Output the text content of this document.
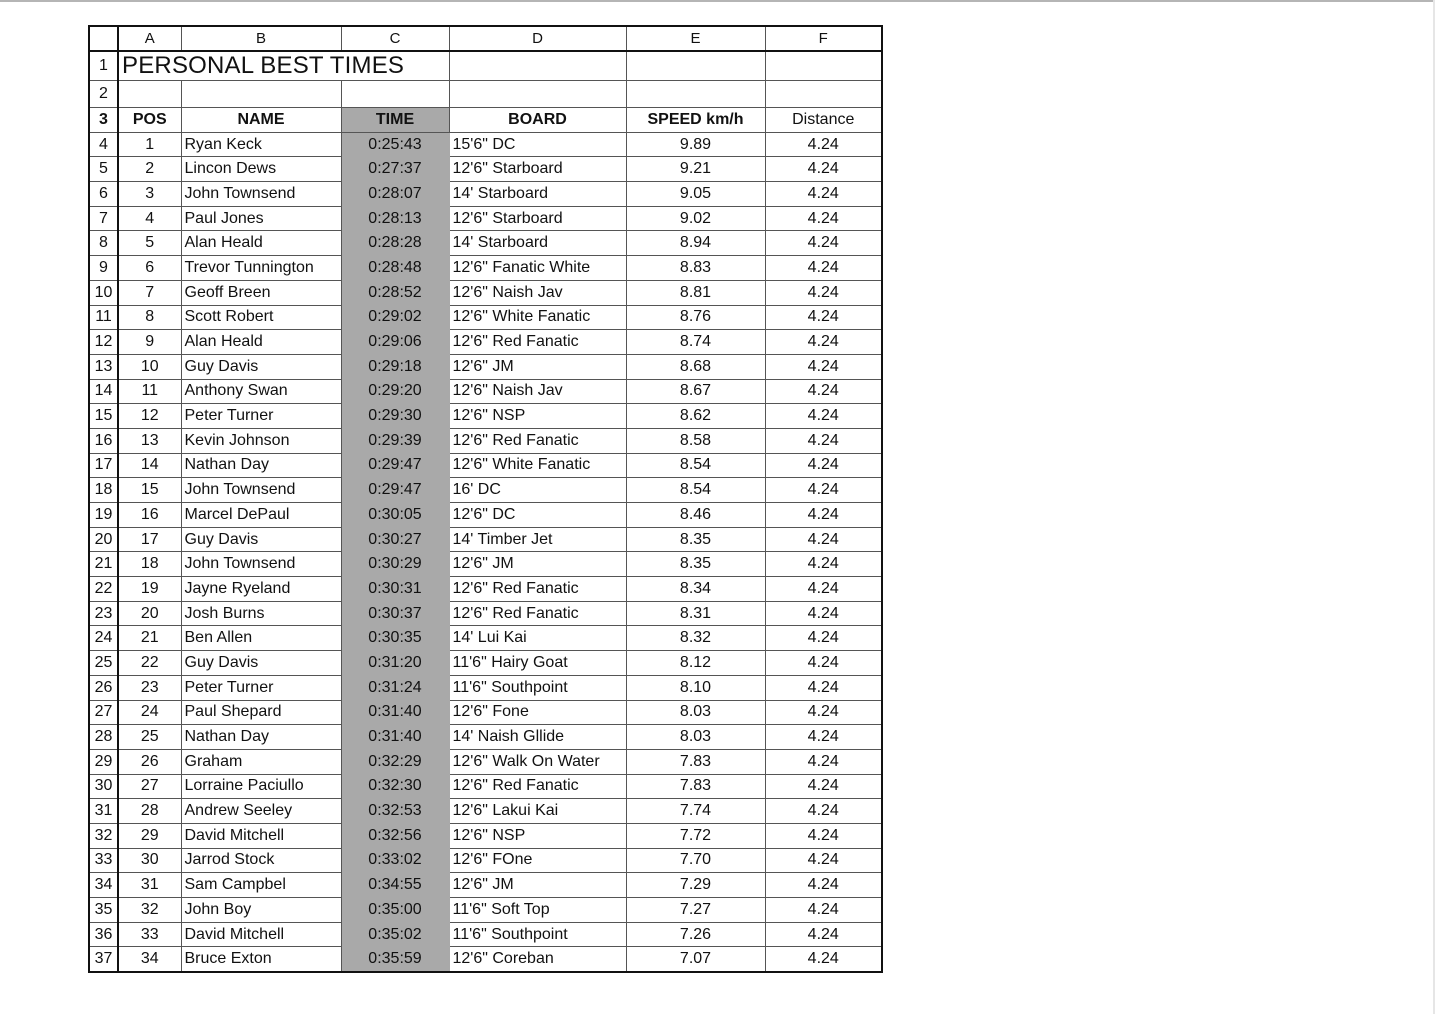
	A	B	C	D	E	F
1	PERSONAL BEST TIMES					
2						
3	POS	NAME	TIME	BOARD	SPEED km/h	Distance
4	1	Ryan Keck	0:25:43	15'6" DC	9.89	4.24
5	2	Lincon Dews	0:27:37	12'6" Starboard	9.21	4.24
6	3	John Townsend	0:28:07	14' Starboard	9.05	4.24
7	4	Paul Jones	0:28:13	12'6" Starboard	9.02	4.24
8	5	Alan Heald	0:28:28	14' Starboard	8.94	4.24
9	6	Trevor Tunnington	0:28:48	12'6" Fanatic White	8.83	4.24
10	7	Geoff Breen	0:28:52	12'6" Naish Jav	8.81	4.24
11	8	Scott Robert	0:29:02	12'6" White Fanatic	8.76	4.24
12	9	Alan Heald	0:29:06	12'6" Red Fanatic	8.74	4.24
13	10	Guy Davis	0:29:18	12'6" JM	8.68	4.24
14	11	Anthony Swan	0:29:20	12'6" Naish Jav	8.67	4.24
15	12	Peter Turner	0:29:30	12'6" NSP	8.62	4.24
16	13	Kevin Johnson	0:29:39	12'6" Red Fanatic	8.58	4.24
17	14	Nathan Day	0:29:47	12'6" White Fanatic	8.54	4.24
18	15	John Townsend	0:29:47	16' DC	8.54	4.24
19	16	Marcel DePaul	0:30:05	12'6" DC	8.46	4.24
20	17	Guy Davis	0:30:27	14' Timber Jet	8.35	4.24
21	18	John Townsend	0:30:29	12'6" JM	8.35	4.24
22	19	Jayne Ryeland	0:30:31	12'6" Red Fanatic	8.34	4.24
23	20	Josh Burns	0:30:37	12'6" Red Fanatic	8.31	4.24
24	21	Ben Allen	0:30:35	14' Lui Kai	8.32	4.24
25	22	Guy Davis	0:31:20	11'6" Hairy Goat	8.12	4.24
26	23	Peter Turner	0:31:24	11'6" Southpoint	8.10	4.24
27	24	Paul Shepard	0:31:40	12'6" Fone	8.03	4.24
28	25	Nathan Day	0:31:40	14' Naish Gllide	8.03	4.24
29	26	Graham	0:32:29	12'6" Walk On Water	7.83	4.24
30	27	Lorraine Paciullo	0:32:30	12'6" Red Fanatic	7.83	4.24
31	28	Andrew Seeley	0:32:53	12'6" Lakui Kai	7.74	4.24
32	29	David Mitchell	0:32:56	12'6" NSP	7.72	4.24
33	30	Jarrod Stock	0:33:02	12'6" FOne	7.70	4.24
34	31	Sam Campbel	0:34:55	12'6" JM	7.29	4.24
35	32	John Boy	0:35:00	11'6" Soft Top	7.27	4.24
36	33	David Mitchell	0:35:02	11'6" Southpoint	7.26	4.24
37	34	Bruce Exton	0:35:59	12'6" Coreban	7.07	4.24
